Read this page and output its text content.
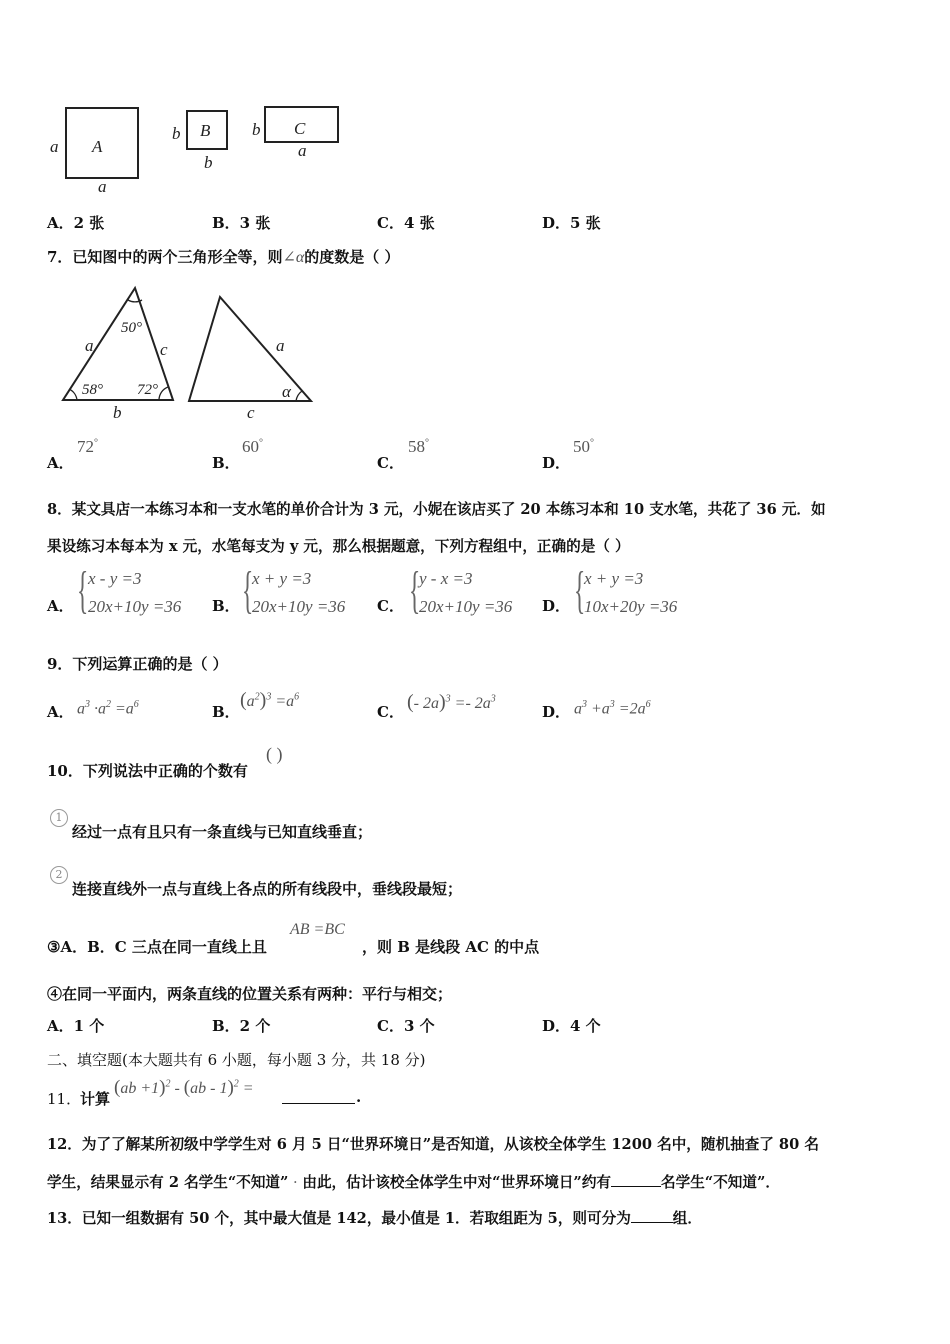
A
a
a
B
b
b
C
b
a
A．2 张	B．3 张	C．4 张	D．5 张
7．已知图中的两个三角形全等，则∠α的度数是（ ）
50°
58° 72°
a
b
c	a
c
α
A．
72°
B．
60°
C．
58°
D．
50°
8．某文具店一本练习本和一支水笔的单价合计为 3 元，小妮在该店买了 20 本练习本和 10 支水笔，共花了 36 元．如
果设练习本每本为 x 元，水笔每支为 y 元，那么根据题意，下列方程组中，正确的是（ ）
A． { x - y =3
20x+10y =36 B． {
x + y =3
20x+10y =36 C． {
y - x =3
20x+10y =36 D． {
x + y =3
10x+20y =36
9．下列运算正确的是（ ）
A． $a^3 \cdot a^2 =a^6$	B．
$(a^2)^3 =a^6$
C． (- $2a)^3 =- 2a^3$
D． $a^3 +a^3 =2a^6$
10．下列说法中正确的个数有
( )
1
经过一点有且只有一条直线与已知直线垂直；
2
连接直线外一点与直线上各点的所有线段中，垂线段最短；
③A．B．C 三点在同一直线上且
AB =BC
，则 B 是线段 AC 的中点
④在同一平面内，两条直线的位置关系有两种：平行与相交；
A．1 个	B．2 个	C．3 个	D．4 个
二、填空题(本大题共有 6 小题，每小题 3 分，共 18 分)
11．
计算
(ab +1)$^2$ - (ab - 1)$^2$ =	.
12．为了了解某所初级中学学生对 6 月 5 日“世界环境日”是否知道，从该校全体学生 1200 名中，随机抽查了 80 名
学生，结果显示有 2 名学生“不知道” · 由此，估计该校全体学生中对“世界环境日”约有	名学生“不知道”．
13．已知一组数据有 50 个，其中最大值是 142，最小值是 1．若取组距为 5，则可分为	组．
